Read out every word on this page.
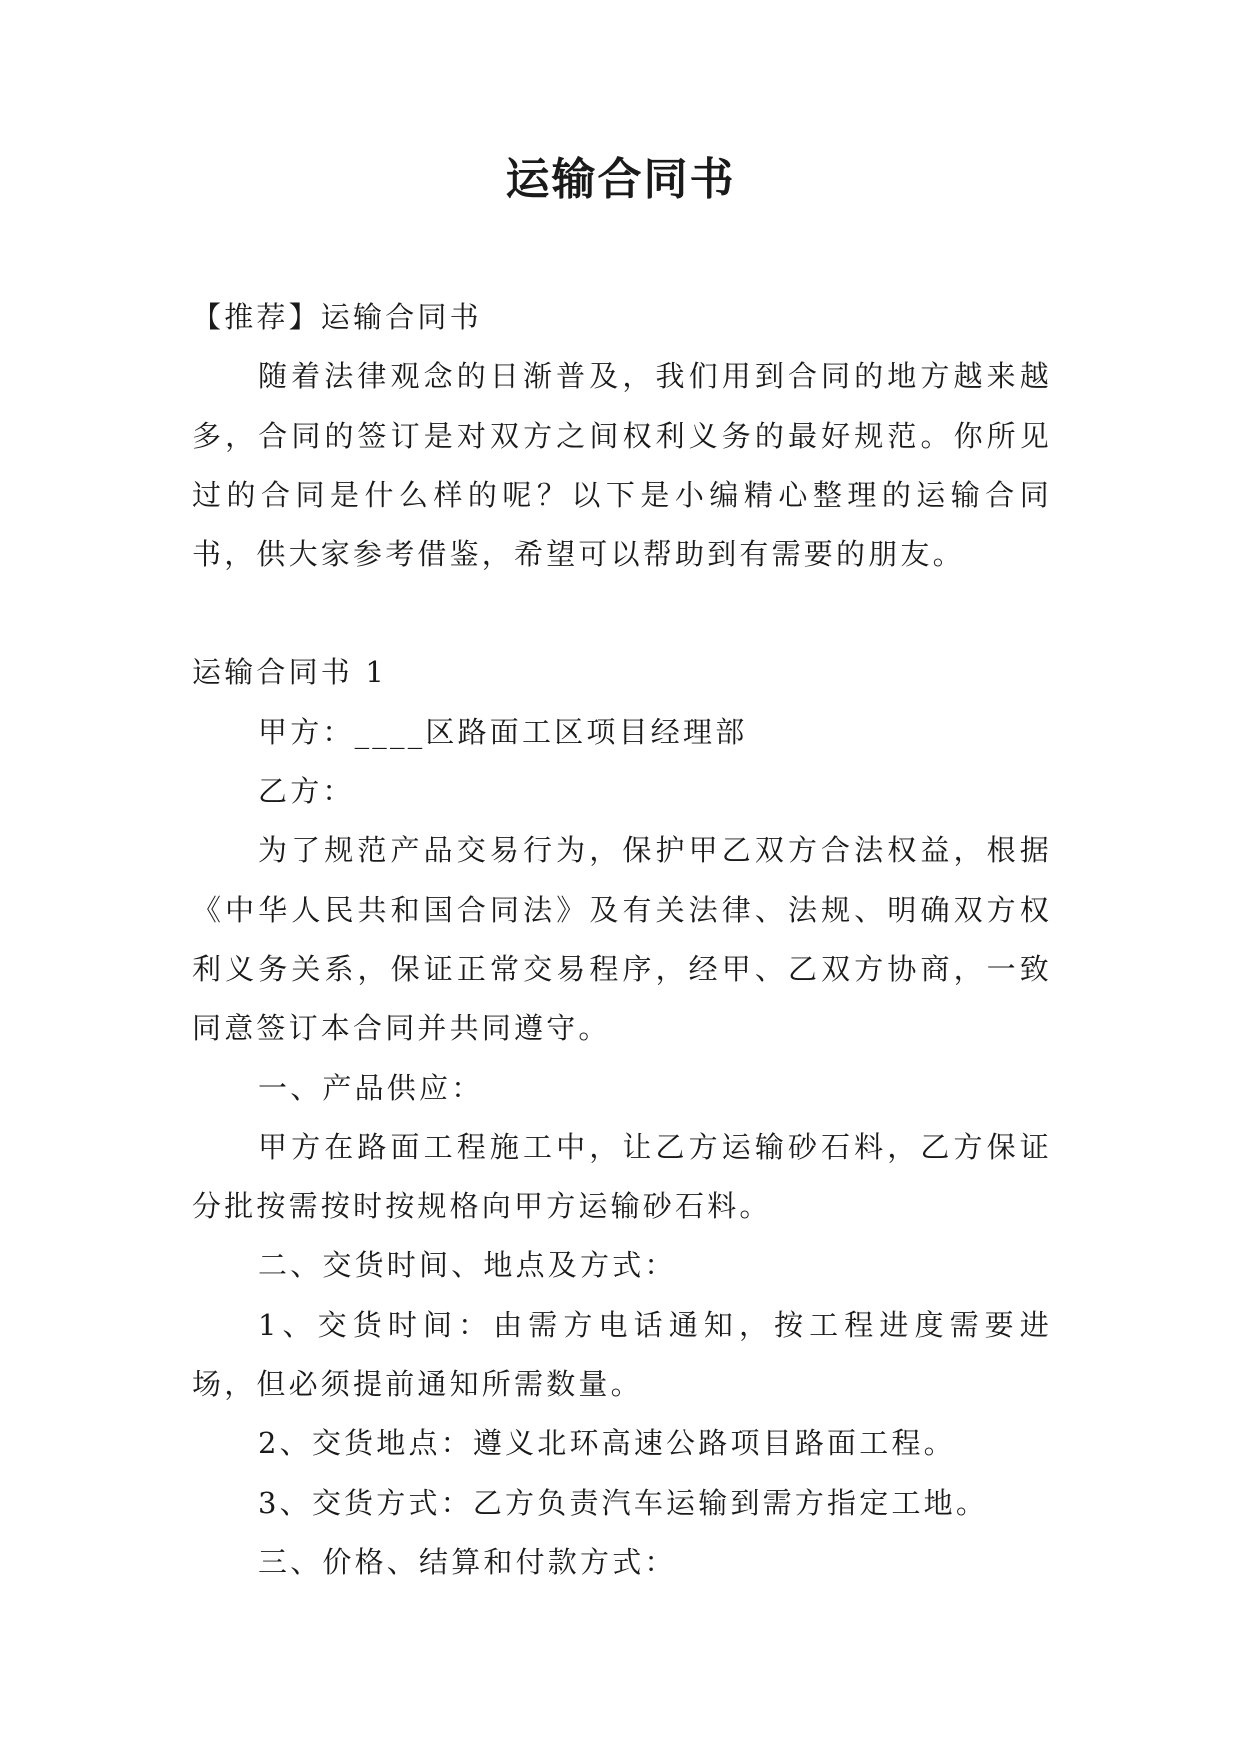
运输合同书

【推荐】运输合同书

随着法律观念的日渐普及，我们用到合同的地方越来越多，合同的签订是对双方之间权利义务的最好规范。你所见过的合同是什么样的呢？以下是小编精心整理的运输合同书，供大家参考借鉴，希望可以帮助到有需要的朋友。

运输合同书 1

甲方：____区路面工区项目经理部

乙方：

为了规范产品交易行为，保护甲乙双方合法权益，根据《中华人民共和国合同法》及有关法律、法规、明确双方权利义务关系，保证正常交易程序，经甲、乙双方协商，一致同意签订本合同并共同遵守。

一、产品供应：

甲方在路面工程施工中，让乙方运输砂石料，乙方保证分批按需按时按规格向甲方运输砂石料。

二、交货时间、地点及方式：

1、交货时间：由需方电话通知，按工程进度需要进场，但必须提前通知所需数量。

2、交货地点：遵义北环高速公路项目路面工程。

3、交货方式：乙方负责汽车运输到需方指定工地。

三、价格、结算和付款方式：
